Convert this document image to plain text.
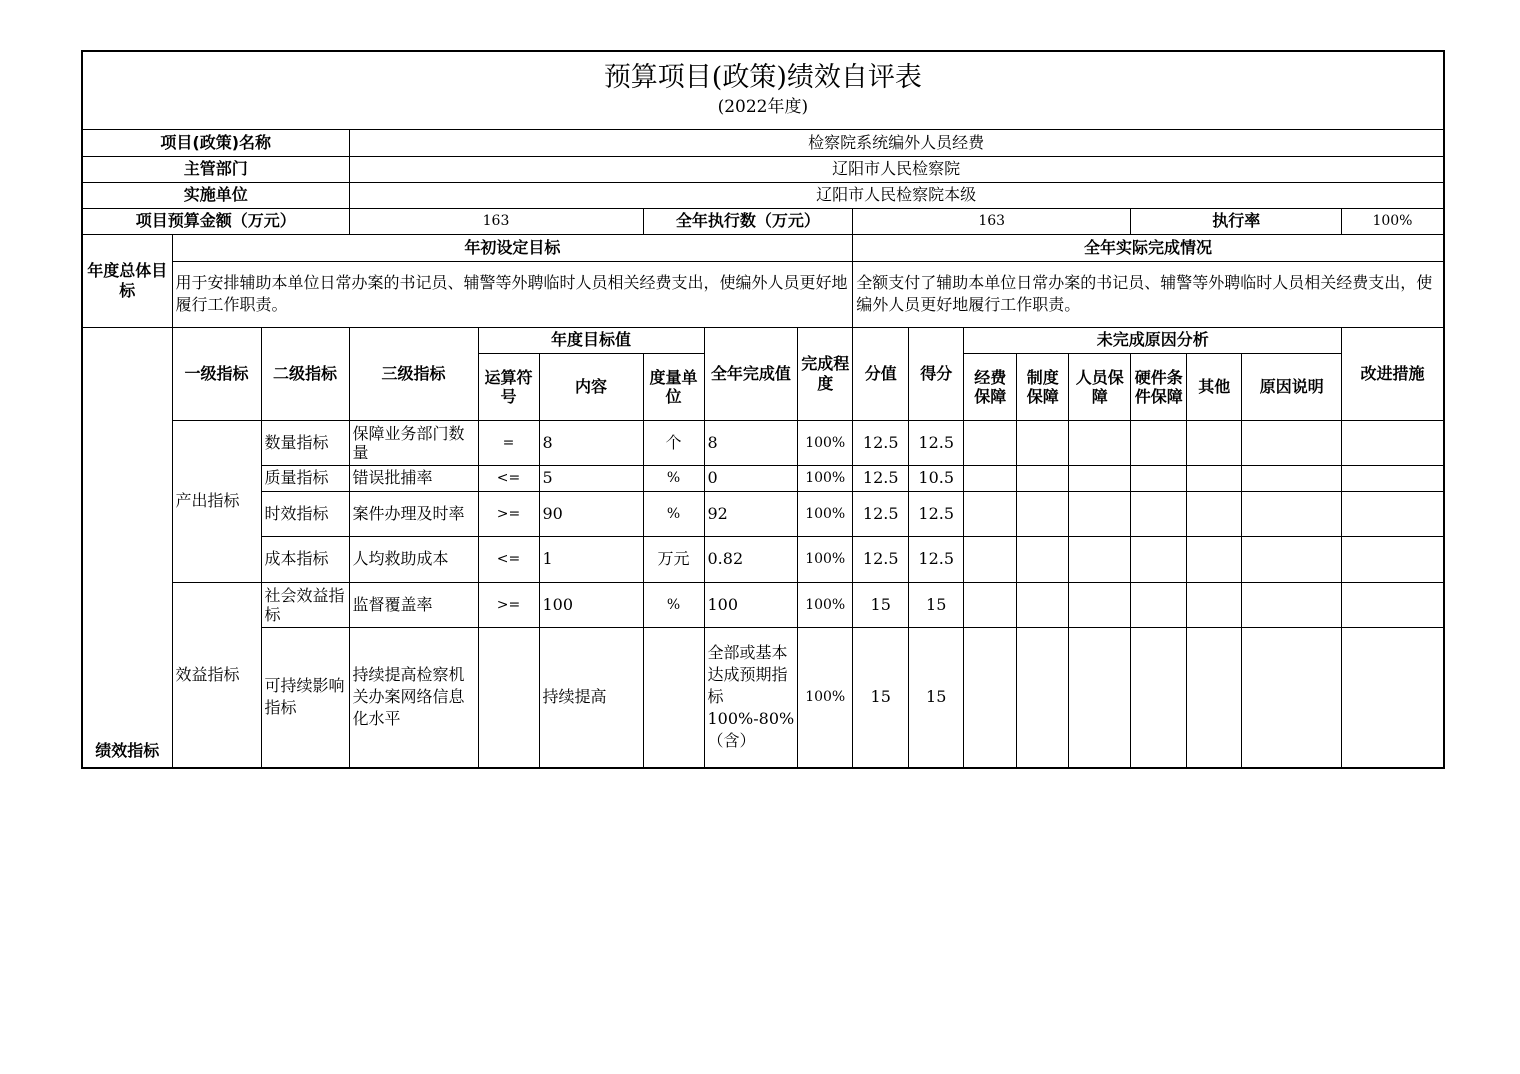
预算项目(政策)绩效自评表
(2022年度)																	

项目(政策)名称			检察院系统编外人员经费														
主管部门			辽阳市人民检察院														
实施单位			辽阳市人民检察院本级														
项目预算金额（万元）			163			全年执行数（万元）			163					执行率			100%
年度总体目标	年初设定目标								全年实际完成情况								
	用于安排辅助本单位日常办案的书记员、辅警等外聘临时人员相关经费支出，使编外人员更好地履行工作职责。								全额支付了辅助本单位日常办案的书记员、辅警等外聘临时人员相关经费支出，使编外人员更好地履行工作职责。								
绩效指标	一级指标	二级指标	三级指标	年度目标值			全年完成值	完成程度	分值	得分	未完成原因分析						改进措施
				运算符号	内容	度量单位					经费保障	制度保障	人员保障	硬件条件保障	其他	原因说明	
	产出指标	数量指标	保障业务部门数量	=	8	个	8	100%	12.5	12.5							
		质量指标	错误批捕率	<=	5	%	0	100%	12.5	10.5							
		时效指标	案件办理及时率	>=	90	%	92	100%	12.5	12.5							
		成本指标	人均救助成本	<=	1	万元	0.82	100%	12.5	12.5							
	效益指标	社会效益指标	监督覆盖率	>=	100	%	100	100%	15	15							
		可持续影响指标	持续提高检察机关办案网络信息化水平		持续提高		全部或基本达成预期指标100%-80%（含）	100%	15	15							
